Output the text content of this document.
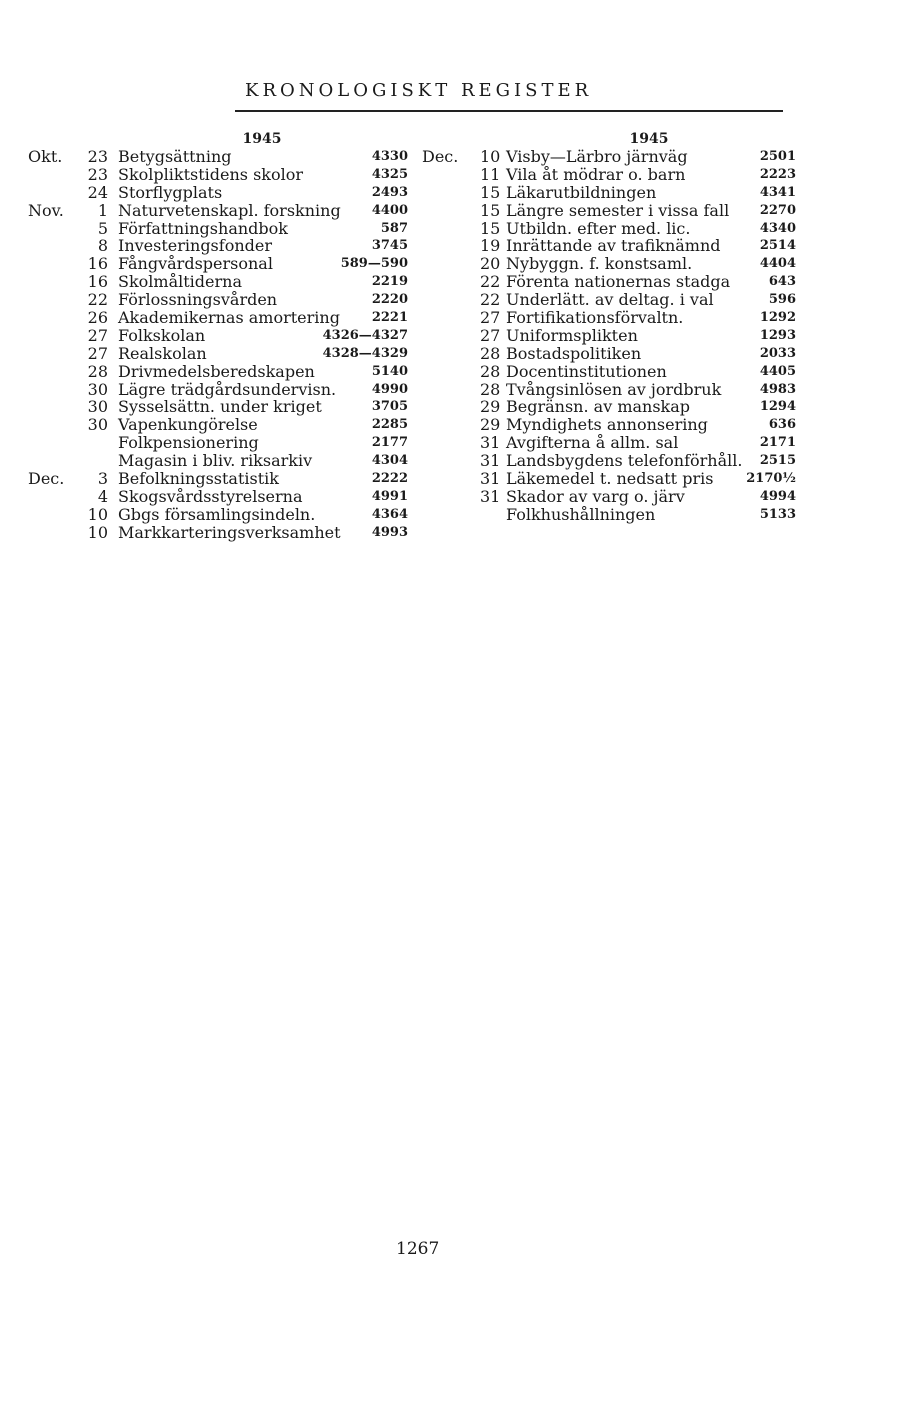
KRONOLOGISKT REGISTER
1945
Okt. 23 Betygsättning	4330
23 Skolpliktstidens skolor	4325
24 Storflygplats	2493
Nov.	1 Naturvetenskapl. forskning 4400
5 Författningshandbok	587
8 Investeringsfonder	3745
16 Fångvårdspersonal	589—590
16 Skolmåltiderna	2219
22 Förlossningsvården	2220
26 Akademikernas amortering 2221
27 Folkskolan	4326—4327
27 Realskolan	4328—4329
28 Drivmedelsberedskapen	5140
30 Lägre trädgårdsundervisn.	4990
30 Sysselsättn. under kriget	3705
30 Vapenkungörelse	2285
Folkpensionering	2177
Magasin i bliv. riksarkiv	4304
Dec.	3 Befolkningsstatistik	2222
4 Skogsvårdsstyrelserna	4991
10 Gbgs församlingsindeln.	4364
10 Markkarteringsverksamhet 4993
1945
Dec. 10 Visby—Lärbro järnväg	2501
11 Vila åt mödrar o. barn	2223
15 Läkarutbildningen	4341
15 Längre semester i vissa fall 2270
15 Utbildn. efter med. lic.	4340
19 Inrättande av trafiknämnd	2514
20 Nybyggn. f. konstsaml.	4404
22 Förenta nationernas stadga	643
22 Underlätt. av deltag. i val	596
27 Fortifikationsförvaltn.	1292
27 Uniformsplikten	1293
28 Bostadspolitiken	2033
28 Docentinstitutionen	4405
28 Tvångsinlösen av jordbruk	4983
29 Begränsn. av manskap	1294
29 Myndighets annonsering	636
31 Avgifterna å allm. sal	2171
31 Landsbygdens telefonförhåll. 2515
31 Läkemedel t. nedsatt pris	2170½
31 Skador av varg o. järv	4994
Folkhushållningen	5133
1267
